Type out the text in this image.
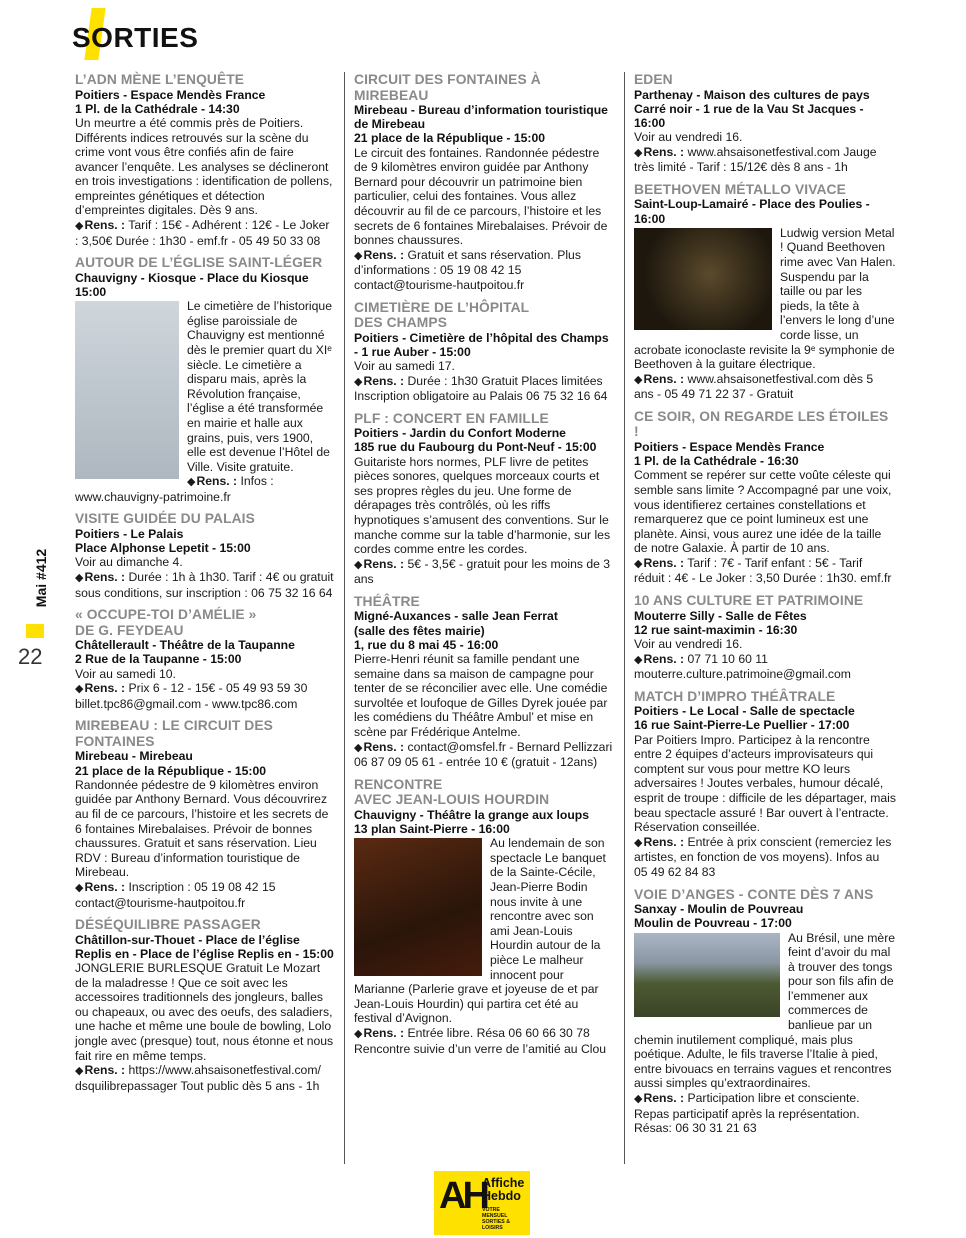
SORTIES
Mai #412
22
L’ADN MÈNE L’ENQUÊTE
Poitiers - Espace Mendès France
1 Pl. de la Cathédrale - 14:30
Un meurtre a été commis près de Poitiers. Différents indices retrouvés sur la scène du crime vont vous être confiés afin de faire avancer l’enquête. Les analyses se déclineront en trois investigations : identification de pollens, empreintes génétiques et détection d’empreintes digitales. Dès 9 ans.
◆ Rens. : Tarif : 15€ - Adhérent : 12€ - Le Joker : 3,50€ Durée : 1h30 - emf.fr - 05 49 50 33 08
AUTOUR DE L’ÉGLISE SAINT-LÉGER
Chauvigny - Kiosque - Place du Kiosque
15:00
Le cimetière de l’historique église paroissiale de Chauvigny est mentionné dès le premier quart du XIᵉ siècle. Le cimetière a disparu mais, après la Révolution française, l’église a été transformée en mairie et halle aux grains, puis, vers 1900, elle est devenue l’Hôtel de Ville. Visite gratuite.
◆ Rens. : Infos : www.chauvigny-patrimoine.fr
VISITE GUIDÉE DU PALAIS
Poitiers - Le Palais
Place Alphonse Lepetit - 15:00
Voir au dimanche 4.
◆ Rens. : Durée : 1h à 1h30. Tarif : 4€ ou gratuit sous conditions, sur inscription : 06 75 32 16 64
« OCCUPE-TOI D’AMÉLIE »
DE G. FEYDEAU
Châtellerault - Théâtre de la Taupanne
2 Rue de la Taupanne - 15:00
Voir au samedi 10.
◆ Rens. : Prix 6 - 12 - 15€ - 05 49 93 59 30 billet.tpc86@gmail.com - www.tpc86.com
MIREBEAU : LE CIRCUIT DES FONTAINES
Mirebeau - Mirebeau
21 place de la République - 15:00
Randonnée pédestre de 9 kilomètres environ guidée par Anthony Bernard. Vous découvrirez au fil de ce parcours, l’histoire et les secrets de 6 fontaines Mirebalaises. Prévoir de bonnes chaussures. Gratuit et sans réservation. Lieu RDV : Bureau d’information touristique de Mirebeau.
◆ Rens. : Inscription : 05 19 08 42 15 contact@tourisme-hautpoitou.fr
DÉSÉQUILIBRE PASSAGER
Châtillon-sur-Thouet - Place de l’église Replis en - Place de l’église Replis en - 15:00
JONGLERIE BURLESQUE Gratuit Le Mozart de la maladresse ! Que ce soit avec les accessoires traditionnels des jongleurs, balles ou chapeaux, ou avec des oeufs, des saladiers, une hache et même une boule de bowling, Lolo jongle avec (presque) tout, nous étonne et nous fait rire en même temps.
◆ Rens. : https://www.ahsaisonetfestival.com/ dsquilibrepassager Tout public dès 5 ans - 1h
CIRCUIT DES FONTAINES À MIREBEAU
Mirebeau - Bureau d’information touristique de Mirebeau
21 place de la République - 15:00
Le circuit des fontaines. Randonnée pédestre de 9 kilomètres environ guidée par Anthony Bernard pour découvrir un patrimoine bien particulier, celui des fontaines. Vous allez découvrir au fil de ce parcours, l’histoire et les secrets de 6 fontaines Mirebalaises. Prévoir de bonnes chaussures.
◆ Rens. : Gratuit et sans réservation. Plus d’informations : 05 19 08 42 15 contact@tourisme-hautpoitou.fr
CIMETIÈRE DE L’HÔPITAL
DES CHAMPS
Poitiers - Cimetière de l’hôpital des Champs - 1 rue Auber - 15:00
Voir au samedi 17.
◆ Rens. : Durée : 1h30 Gratuit Places limitées Inscription obligatoire au Palais 06 75 32 16 64
PLF : CONCERT EN FAMILLE
Poitiers - Jardin du Confort Moderne
185 rue du Faubourg du Pont-Neuf - 15:00
Guitariste hors normes, PLF livre de petites pièces sonores, quelques morceaux courts et ses propres règles du jeu. Une forme de dérapages très contrôlés, où les riffs hypnotiques s’amusent des conventions. Sur le manche comme sur la table d’harmonie, sur les cordes comme entre les cordes.
◆ Rens. : 5€ - 3,5€ - gratuit pour les moins de 3 ans
THÉÂTRE
Migné-Auxances - salle Jean Ferrat
(salle des fêtes mairie)
1, rue du 8 mai 45 - 16:00
Pierre-Henri réunit sa famille pendant une semaine dans sa maison de campagne pour tenter de se réconcilier avec elle. Une comédie survoltée et loufoque de Gilles Dyrek jouée par les comédiens du Théâtre Ambul’ et mise en scène par Frédérique Antelme.
◆ Rens. : contact@omsfel.fr - Bernard Pellizzari 06 87 09 05 61 - entrée 10 € (gratuit - 12ans)
RENCONTRE
AVEC JEAN-LOUIS HOURDIN
Chauvigny - Théâtre la grange aux loups
13 plan Saint-Pierre - 16:00
Au lendemain de son spectacle Le banquet de la Sainte-Cécile, Jean-Pierre Bodin nous invite à une rencontre avec son ami Jean-Louis Hourdin autour de la pièce Le malheur innocent pour Marianne (Parlerie grave et joyeuse de et par Jean-Louis Hourdin) qui partira cet été au festival d’Avignon.
◆ Rens. : Entrée libre. Résa 06 60 66 30 78 Rencontre suivie d’un verre de l’amitié au Clou
EDEN
Parthenay - Maison des cultures de pays
Carré noir - 1 rue de la Vau St Jacques - 16:00
Voir au vendredi 16.
◆ Rens. : www.ahsaisonetfestival.com Jauge très limité - Tarif : 15/12€ dès 8 ans - 1h
BEETHOVEN MÉTALLO VIVACE
Saint-Loup-Lamairé - Place des Poulies - 16:00
Ludwig version Metal ! Quand Beethoven rime avec Van Halen. Suspendu par la taille ou par les pieds, la tête à l’envers le long d’une corde lisse, un acrobate iconoclaste revisite la 9ᵉ symphonie de Beethoven à la guitare électrique.
◆ Rens. : www.ahsaisonetfestival.com dès 5 ans - 05 49 71 22 37 - Gratuit
CE SOIR, ON REGARDE LES ÉTOILES !
Poitiers - Espace Mendès France
1 Pl. de la Cathédrale - 16:30
Comment se repérer sur cette voûte céleste qui semble sans limite ? Accompagné par une voix, vous identifierez certaines constellations et remarquerez que ce point lumineux est une planète. Ainsi, vous aurez une idée de la taille de notre Galaxie. À partir de 10 ans.
◆ Rens. : Tarif : 7€ - Tarif enfant : 5€ - Tarif réduit : 4€ - Le Joker : 3,50 Durée : 1h30. emf.fr
10 ANS CULTURE ET PATRIMOINE
Mouterre Silly - Salle de Fêtes
12 rue saint-maximin - 16:30
Voir au vendredi 16.
◆ Rens. : 07 71 10 60 11 mouterre.culture.patrimoine@gmail.com
MATCH D’IMPRO THÉÂTRALE
Poitiers - Le Local - Salle de spectacle
16 rue Saint-Pierre-Le Puellier - 17:00
Par Poitiers Impro. Participez à la rencontre entre 2 équipes d’acteurs improvisateurs qui comptent sur vous pour mettre KO leurs adversaires ! Joutes verbales, humour décalé, esprit de troupe : difficile de les départager, mais beau spectacle assuré ! Bar ouvert à l’entracte. Réservation conseillée.
◆ Rens. : Entrée à prix conscient (remerciez les artistes, en fonction de vos moyens). Infos au 05 49 62 84 83
VOIE D’ANGES - CONTE DÈS 7 ANS
Sanxay - Moulin de Pouvreau
Moulin de Pouvreau - 17:00
Au Brésil, une mère feint d’avoir du mal à trouver des tongs pour son fils afin de l’emmener aux commerces de banlieue par un chemin inutilement compliqué, mais plus poétique. Adulte, le fils traverse l’Italie à pied, entre bivouacs en terrains vagues et rencontres aussi simples qu’extraordinaires.
◆ Rens. : Participation libre et consciente. Repas participatif après la représentation. Résas: 06 30 31 21 63
AH
Affiche
Hebdo
VOTRE MENSUEL SORTIES & LOISIRS
